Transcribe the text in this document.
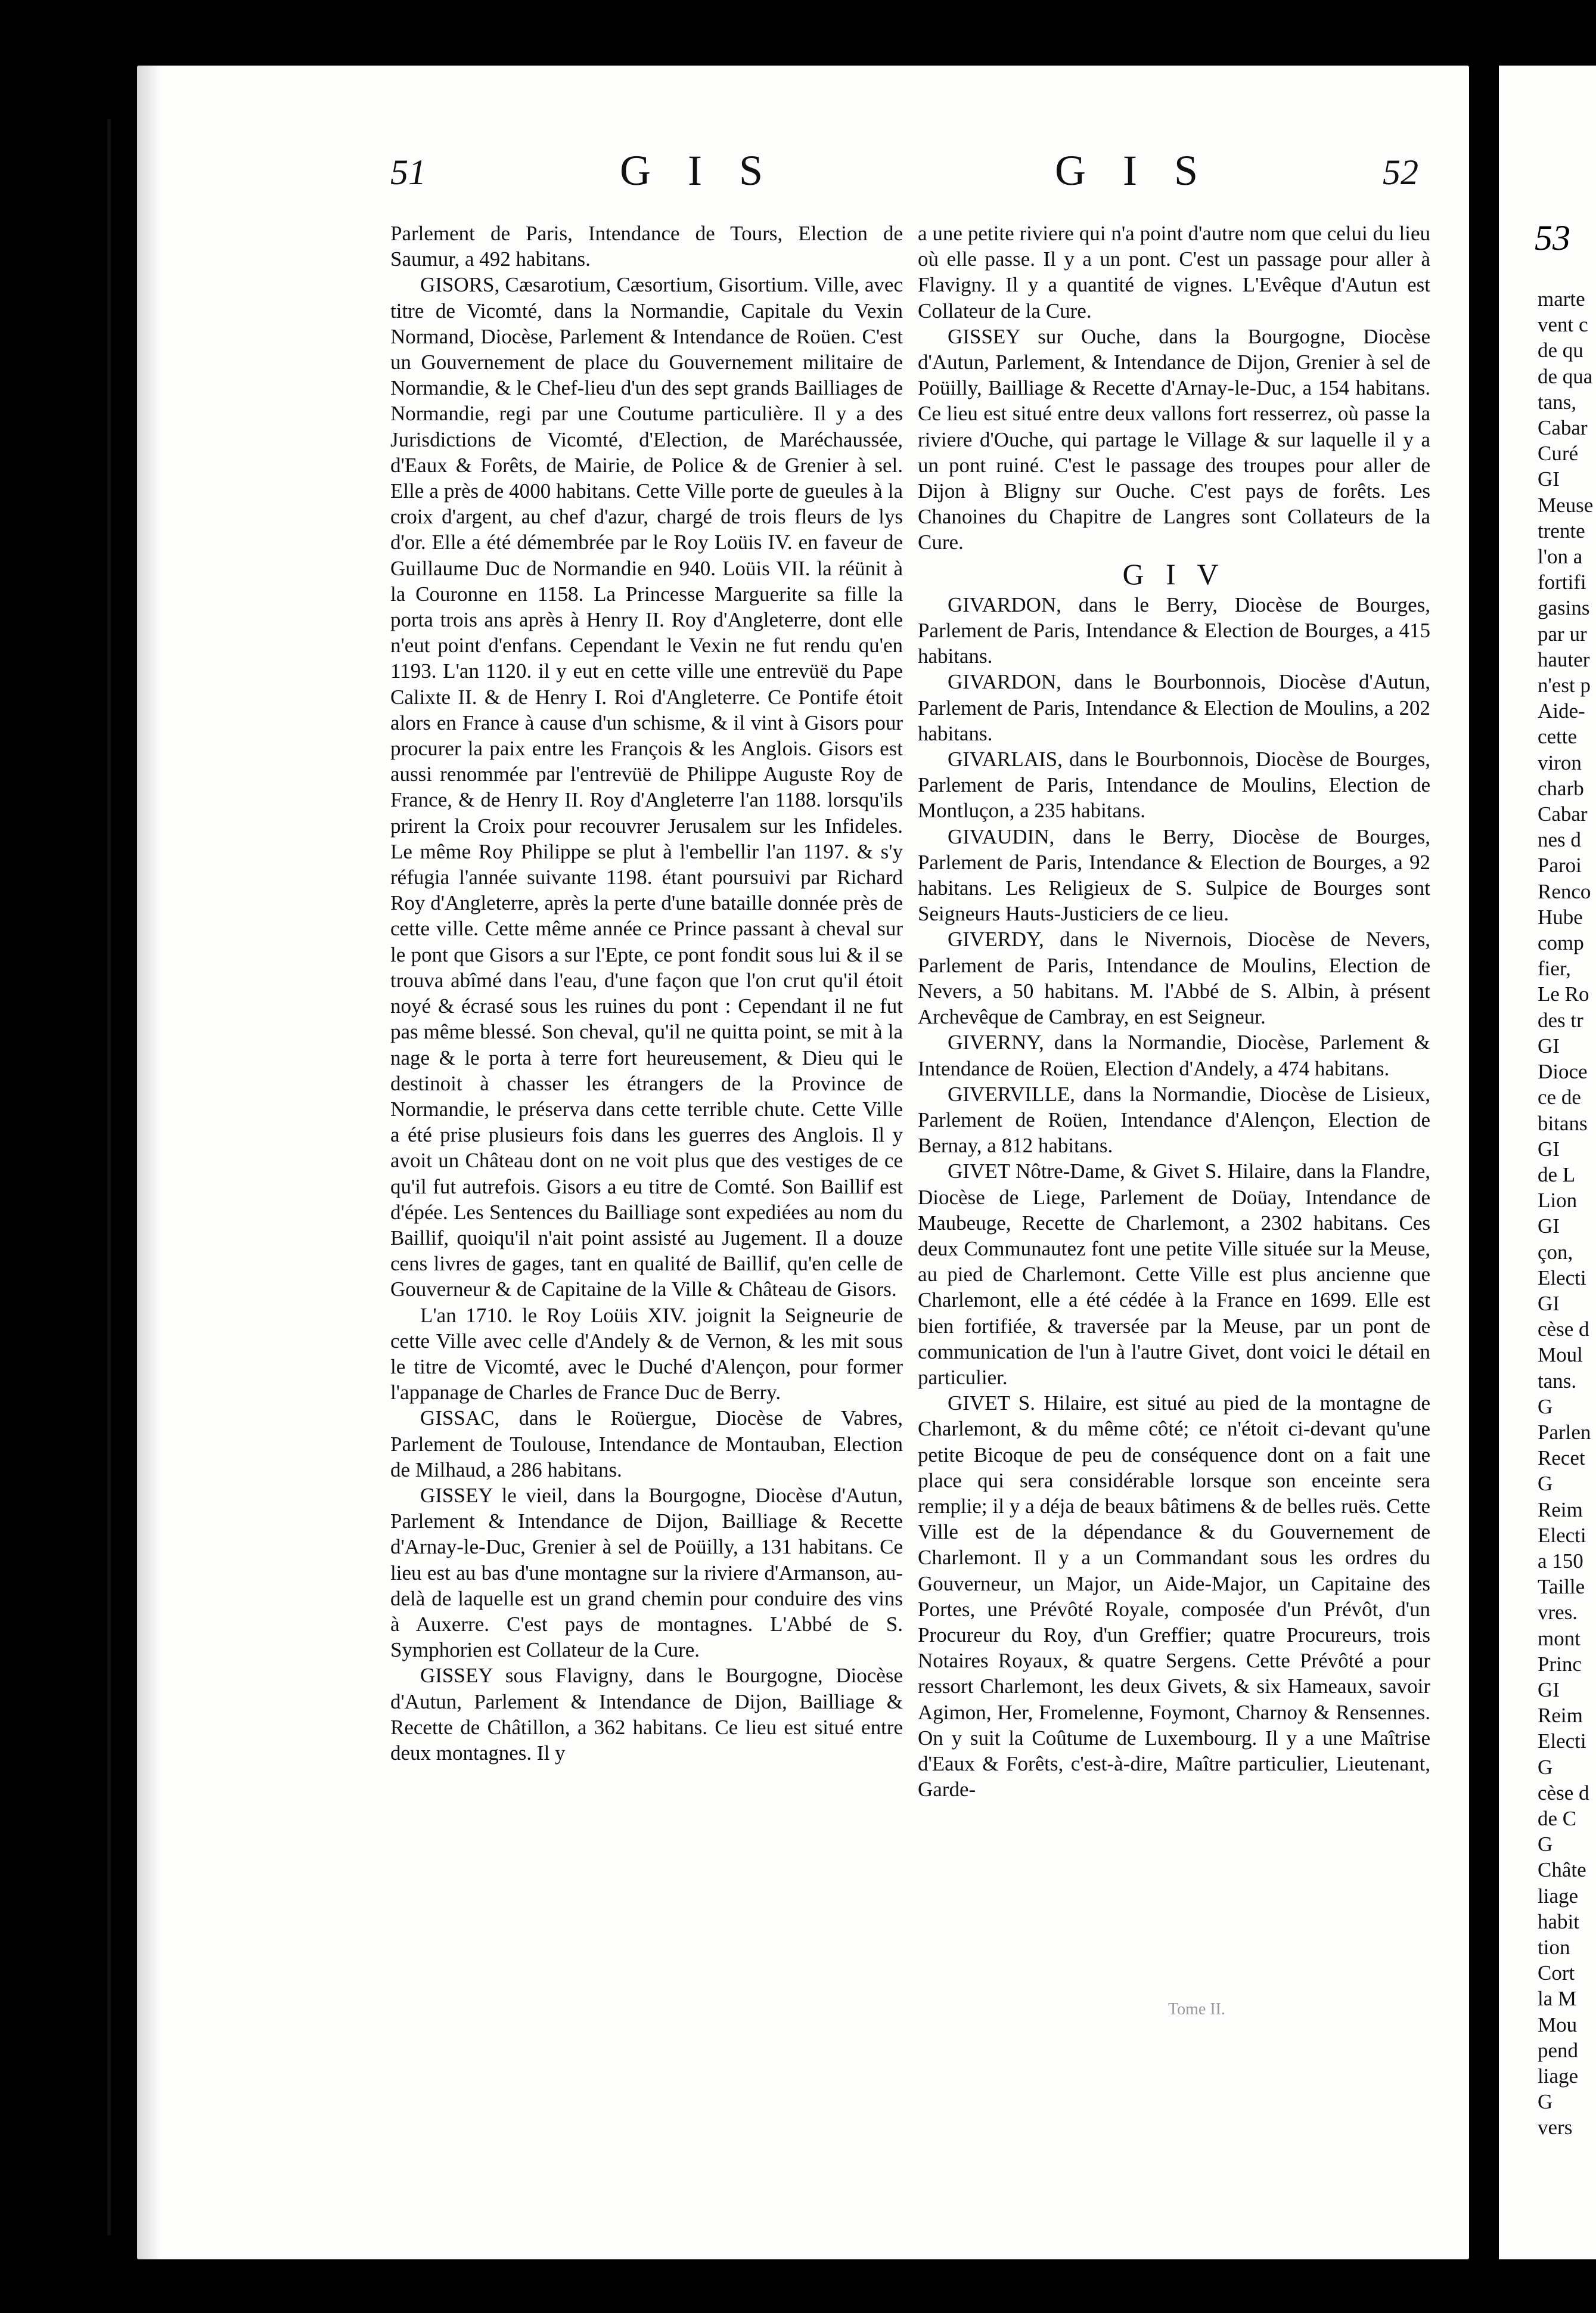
51	G I S	G I S	52

Parlement de Paris, Intendance de Tours, Election de Saumur, a 492 habitans.

GISORS, Cæsarotium, Cæsortium, Gisortium. Ville, avec titre de Vicomté, dans la Normandie, Capitale du Vexin Normand, Diocèse, Parlement & Intendance de Roüen. C'est un Gouvernement de place du Gouvernement militaire de Normandie, & le Chef-lieu d'un des sept grands Bailliages de Normandie, regi par une Coutume particulière. Il y a des Jurisdictions de Vicomté, d'Election, de Maréchaussée, d'Eaux & Forêts, de Mairie, de Police & de Grenier à sel. Elle a près de 4000 habitans. Cette Ville porte de gueules à la croix d'argent, au chef d'azur, chargé de trois fleurs de lys d'or. Elle a été démembrée par le Roy Loüis IV. en faveur de Guillaume Duc de Normandie en 940. Loüis VII. la réünit à la Couronne en 1158. La Princesse Marguerite sa fille la porta trois ans après à Henry II. Roy d'Angleterre, dont elle n'eut point d'enfans. Cependant le Vexin ne fut rendu qu'en 1193. L'an 1120. il y eut en cette ville une entrevüë du Pape Calixte II. & de Henry I. Roi d'Angleterre. Ce Pontife étoit alors en France à cause d'un schisme, & il vint à Gisors pour procurer la paix entre les François & les Anglois. Gisors est aussi renommée par l'entrevüë de Philippe Auguste Roy de France, & de Henry II. Roy d'Angleterre l'an 1188. lorsqu'ils prirent la Croix pour recouvrer Jerusalem sur les Infideles. Le même Roy Philippe se plut à l'embellir l'an 1197. & s'y réfugia l'année suivante 1198. étant poursuivi par Richard Roy d'Angleterre, après la perte d'une bataille donnée près de cette ville. Cette même année ce Prince passant à cheval sur le pont que Gisors a sur l'Epte, ce pont fondit sous lui & il se trouva abîmé dans l'eau, d'une façon que l'on crut qu'il étoit noyé & écrasé sous les ruines du pont : Cependant il ne fut pas même blessé. Son cheval, qu'il ne quitta point, se mit à la nage & le porta à terre fort heureusement, & Dieu qui le destinoit à chasser les étrangers de la Province de Normandie, le préserva dans cette terrible chute. Cette Ville a été prise plusieurs fois dans les guerres des Anglois. Il y avoit un Château dont on ne voit plus que des vestiges de ce qu'il fut autrefois. Gisors a eu titre de Comté. Son Baillif est d'épée. Les Sentences du Bailliage sont expediées au nom du Baillif, quoiqu'il n'ait point assisté au Jugement. Il a douze cens livres de gages, tant en qualité de Baillif, qu'en celle de Gouverneur & de Capitaine de la Ville & Château de Gisors.

L'an 1710. le Roy Loüis XIV. joignit la Seigneurie de cette Ville avec celle d'Andely & de Vernon, & les mit sous le titre de Vicomté, avec le Duché d'Alençon, pour former l'appanage de Charles de France Duc de Berry.

GISSAC, dans le Roüergue, Diocèse de Vabres, Parlement de Toulouse, Intendance de Montauban, Election de Milhaud, a 286 habitans.

GISSEY le vieil, dans la Bourgogne, Diocèse d'Autun, Parlement & Intendance de Dijon, Bailliage & Recette d'Arnay-le-Duc, Grenier à sel de Poüilly, a 131 habitans. Ce lieu est au bas d'une montagne sur la riviere d'Armanson, au-delà de laquelle est un grand chemin pour conduire des vins à Auxerre. C'est pays de montagnes. L'Abbé de S. Symphorien est Collateur de la Cure.

GISSEY sous Flavigny, dans le Bourgogne, Diocèse d'Autun, Parlement & Intendance de Dijon, Bailliage & Recette de Châtillon, a 362 habitans. Ce lieu est situé entre deux montagnes. Il y

a une petite riviere qui n'a point d'autre nom que celui du lieu où elle passe. Il y a un pont. C'est un passage pour aller à Flavigny. Il y a quantité de vignes. L'Evêque d'Autun est Collateur de la Cure.

GISSEY sur Ouche, dans la Bourgogne, Diocèse d'Autun, Parlement, & Intendance de Dijon, Grenier à sel de Poüilly, Bailliage & Recette d'Arnay-le-Duc, a 154 habitans. Ce lieu est situé entre deux vallons fort resserrez, où passe la riviere d'Ouche, qui partage le Village & sur laquelle il y a un pont ruiné. C'est le passage des troupes pour aller de Dijon à Bligny sur Ouche. C'est pays de forêts. Les Chanoines du Chapitre de Langres sont Collateurs de la Cure.

G I V

GIVARDON, dans le Berry, Diocèse de Bourges, Parlement de Paris, Intendance & Election de Bourges, a 415 habitans.

GIVARDON, dans le Bourbonnois, Diocèse d'Autun, Parlement de Paris, Intendance & Election de Moulins, a 202 habitans.

GIVARLAIS, dans le Bourbonnois, Diocèse de Bourges, Parlement de Paris, Intendance de Moulins, Election de Montluçon, a 235 habitans.

GIVAUDIN, dans le Berry, Diocèse de Bourges, Parlement de Paris, Intendance & Election de Bourges, a 92 habitans. Les Religieux de S. Sulpice de Bourges sont Seigneurs Hauts-Justiciers de ce lieu.

GIVERDY, dans le Nivernois, Diocèse de Nevers, Parlement de Paris, Intendance de Moulins, Election de Nevers, a 50 habitans. M. l'Abbé de S. Albin, à présent Archevêque de Cambray, en est Seigneur.

GIVERNY, dans la Normandie, Diocèse, Parlement & Intendance de Roüen, Election d'Andely, a 474 habitans.

GIVERVILLE, dans la Normandie, Diocèse de Lisieux, Parlement de Roüen, Intendance d'Alençon, Election de Bernay, a 812 habitans.

GIVET Nôtre-Dame, & Givet S. Hilaire, dans la Flandre, Diocèse de Liege, Parlement de Doüay, Intendance de Maubeuge, Recette de Charlemont, a 2302 habitans. Ces deux Communautez font une petite Ville située sur la Meuse, au pied de Charlemont. Cette Ville est plus ancienne que Charlemont, elle a été cédée à la France en 1699. Elle est bien fortifiée, & traversée par la Meuse, par un pont de communication de l'un à l'autre Givet, dont voici le détail en particulier.

GIVET S. Hilaire, est situé au pied de la montagne de Charlemont, & du même côté; ce n'étoit ci-devant qu'une petite Bicoque de peu de conséquence dont on a fait une place qui sera considérable lorsque son enceinte sera remplie; il y a déja de beaux bâtimens & de belles ruës. Cette Ville est de la dépendance & du Gouvernement de Charlemont. Il y a un Commandant sous les ordres du Gouverneur, un Major, un Aide-Major, un Capitaine des Portes, une Prévôté Royale, composée d'un Prévôt, d'un Procureur du Roy, d'un Greffier; quatre Procureurs, trois Notaires Royaux, & quatre Sergens. Cette Prévôté a pour ressort Charlemont, les deux Givets, & six Hameaux, savoir Agimon, Her, Fromelenne, Foymont, Charnoy & Rensennes. On y suit la Coûtume de Luxembourg. Il y a une Maîtrise d'Eaux & Forêts, c'est-à-dire, Maître particulier, Lieutenant, Garde-

Tome II.
53
marte
vent c
de qu
de qua
tans,
Cabar
Curé
GI
Meuse
trente
l'on a
fortifi
gasins
par ur
hauter
n'est p
Aide-
cette
viron
charb
Cabar
nes d
Paroi
Renco
Hube
comp
fier,
Le Ro
des tr
GI
Dioce
ce de
bitans
GI
de L
Lion
GI
çon,
Electi
GI
cèse d
Moul
tans.
G
Parlen
Recet
G
Reim
Electi
a 150
Taille
vres.
mont
Princ
GI
Reim
Electi
G
cèse d
de C
G
Châte
liage
habit
tion
Cort
la M
Mou
pend
liage
G
vers
